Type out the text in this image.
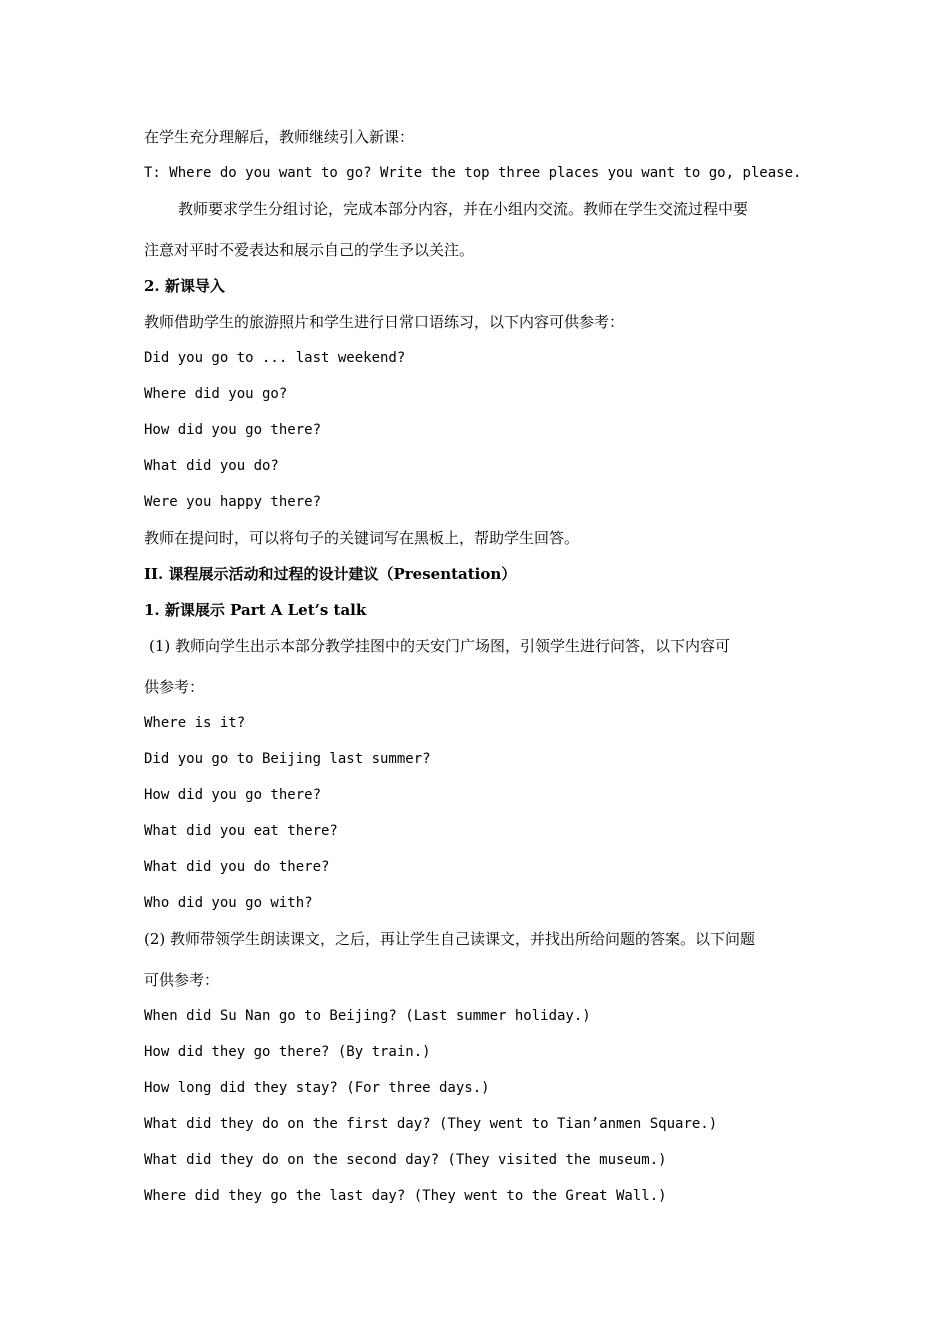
在学生充分理解后，教师继续引入新课：
T: Where do you want to go? Write the top three places you want to go, please.
教师要求学生分组讨论，完成本部分内容，并在小组内交流。教师在学生交流过程中要
注意对平时不爱表达和展示自己的学生予以关注。
2. 新课导入
教师借助学生的旅游照片和学生进行日常口语练习，以下内容可供参考：
Did you go to ... last weekend?
Where did you go?
How did you go there?
What did you do?
Were you happy there?
教师在提问时，可以将句子的关键词写在黑板上，帮助学生回答。
II. 课程展示活动和过程的设计建议（Presentation）
1. 新课展示 Part A Let’s talk
(1) 教师向学生出示本部分教学挂图中的天安门广场图，引领学生进行问答，以下内容可
供参考：
Where is it?
Did you go to Beijing last summer?
How did you go there?
What did you eat there?
What did you do there?
Who did you go with?
(2) 教师带领学生朗读课文，之后，再让学生自己读课文，并找出所给问题的答案。以下问题
可供参考：
When did Su Nan go to Beijing? (Last summer holiday.)
How did they go there? (By train.)
How long did they stay? (For three days.)
What did they do on the first day? (They went to Tian’anmen Square.)
What did they do on the second day? (They visited the museum.)
Where did they go the last day? (They went to the Great Wall.)
